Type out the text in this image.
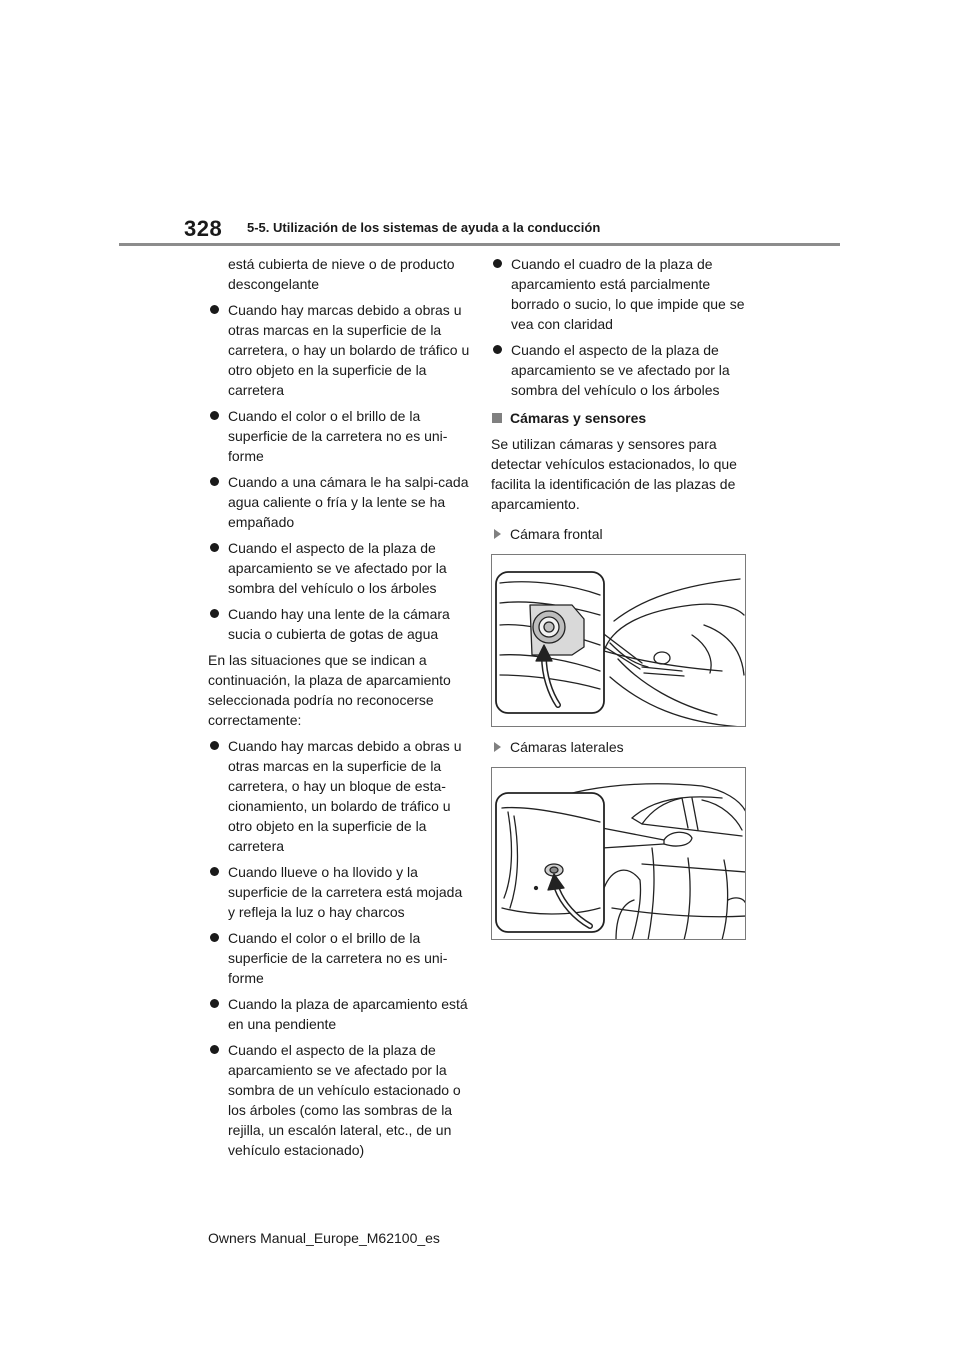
328 5-5. Utilización de los sistemas de ayuda a la conducción

está cubierta de nieve o de producto descongelante

Cuando hay marcas debido a obras u otras marcas en la superficie de la carretera, o hay un bolardo de tráfico u otro objeto en la superficie de la carretera
Cuando el color o el brillo de la superficie de la carretera no es uni-forme
Cuando a una cámara le ha salpi-cada agua caliente o fría y la lente se ha empañado
Cuando el aspecto de la plaza de aparcamiento se ve afectado por la sombra del vehículo o los árboles
Cuando hay una lente de la cámara sucia o cubierta de gotas de agua

En las situaciones que se indican a continuación, la plaza de aparcamiento seleccionada podría no reconocerse correctamente:

Cuando hay marcas debido a obras u otras marcas en la superficie de la carretera, o hay un bloque de esta-cionamiento, un bolardo de tráfico u otro objeto en la superficie de la carretera
Cuando llueve o ha llovido y la superficie de la carretera está mojada y refleja la luz o hay charcos
Cuando el color o el brillo de la superficie de la carretera no es uni-forme
Cuando la plaza de aparcamiento está en una pendiente
Cuando el aspecto de la plaza de aparcamiento se ve afectado por la sombra de un vehículo estacionado o los árboles (como las sombras de la rejilla, un escalón lateral, etc., de un vehículo estacionado)
Cuando el cuadro de la plaza de aparcamiento está parcialmente borrado o sucio, lo que impide que se vea con claridad
Cuando el aspecto de la plaza de aparcamiento se ve afectado por la sombra del vehículo o los árboles
Cámaras y sensores

Se utilizan cámaras y sensores para detectar vehículos estacionados, lo que facilita la identificación de las plazas de aparcamiento.

Cámara frontal
Cámaras laterales
Owners Manual_Europe_M62100_es
